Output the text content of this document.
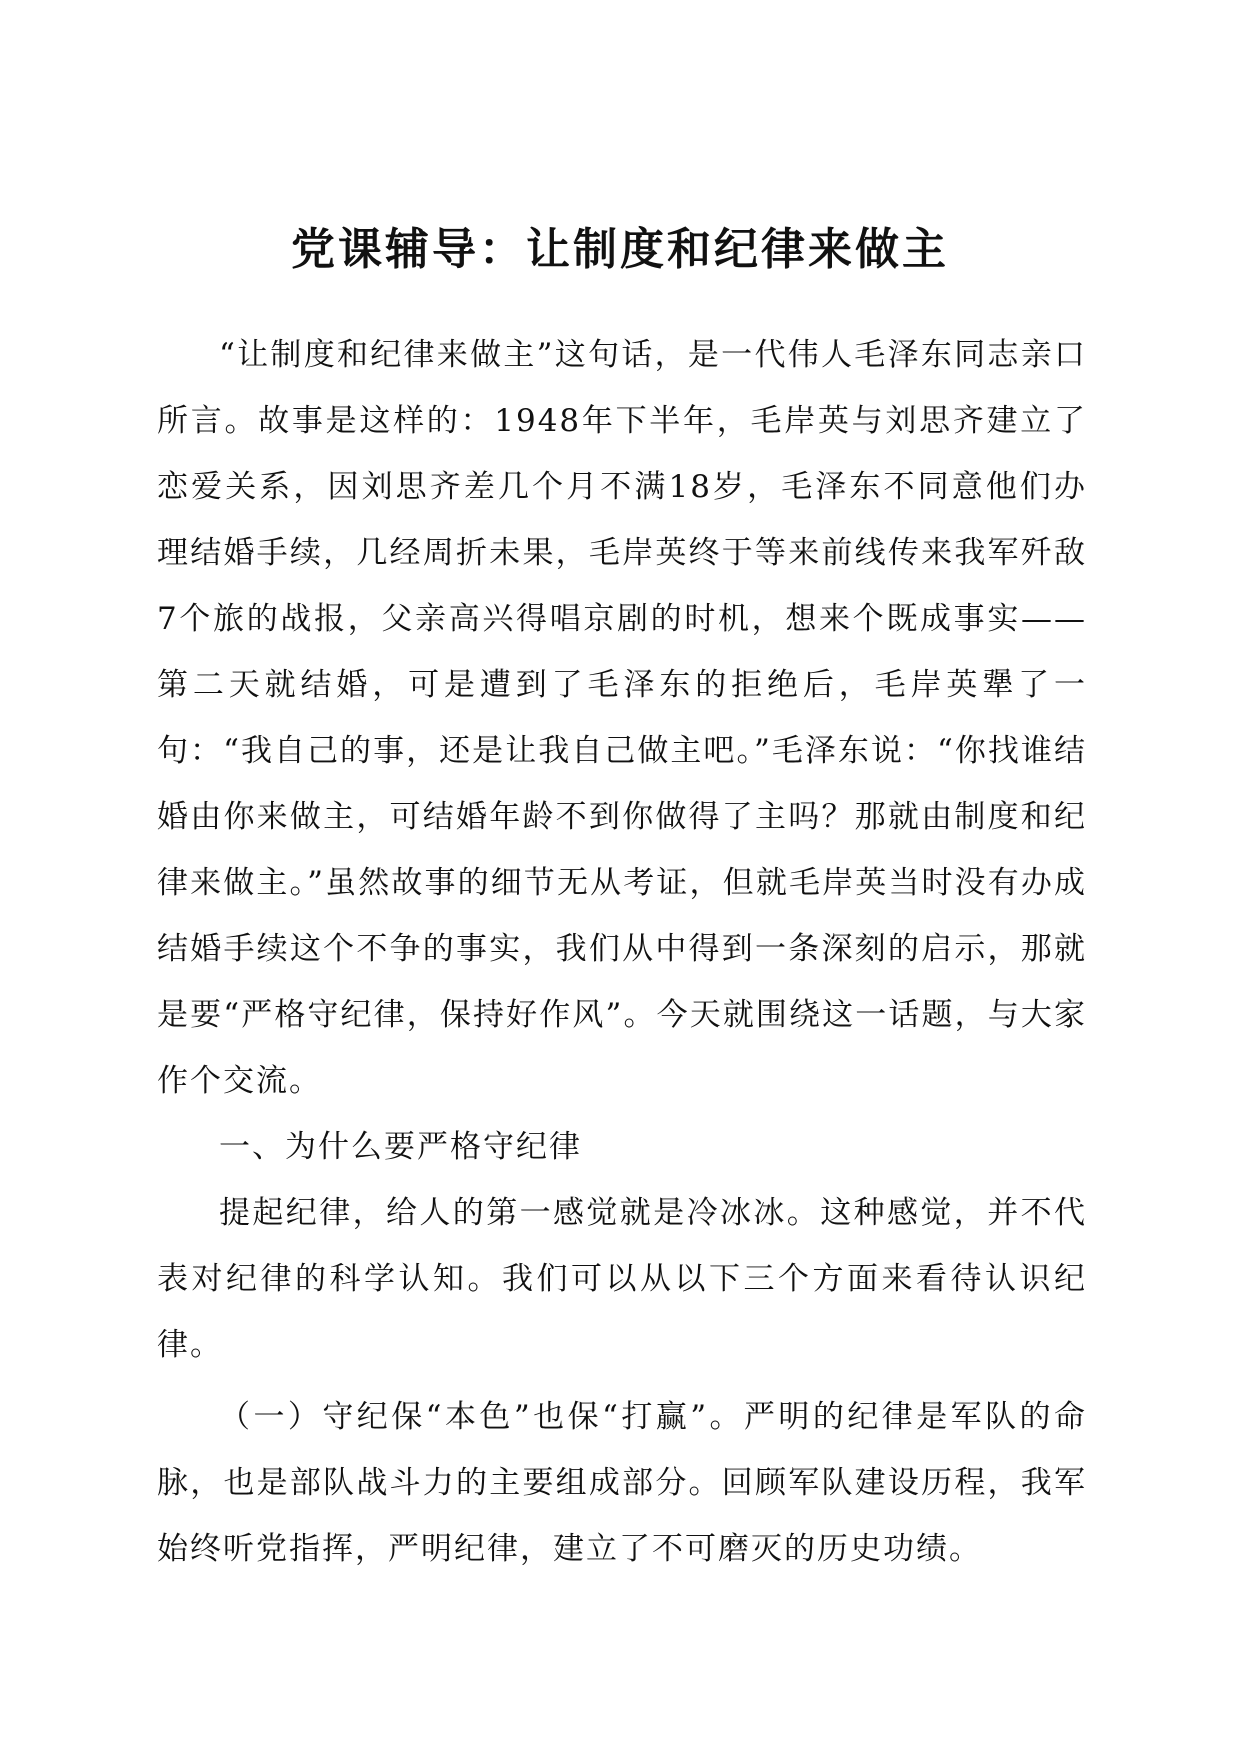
党课辅导：让制度和纪律来做主

“让制度和纪律来做主”这句话，是一代伟人毛泽东同志亲口所言。故事是这样的：1948年下半年，毛岸英与刘思齐建立了恋爱关系，因刘思齐差几个月不满18岁，毛泽东不同意他们办理结婚手续，几经周折未果，毛岸英终于等来前线传来我军歼敌7个旅的战报，父亲高兴得唱京剧的时机，想来个既成事实——第二天就结婚，可是遭到了毛泽东的拒绝后，毛岸英犟了一句：“我自己的事，还是让我自己做主吧。”毛泽东说：“你找谁结婚由你来做主，可结婚年龄不到你做得了主吗？那就由制度和纪律来做主。”虽然故事的细节无从考证，但就毛岸英当时没有办成结婚手续这个不争的事实，我们从中得到一条深刻的启示，那就是要“严格守纪律，保持好作风”。今天就围绕这一话题，与大家作个交流。

一、为什么要严格守纪律

提起纪律，给人的第一感觉就是冷冰冰。这种感觉，并不代表对纪律的科学认知。我们可以从以下三个方面来看待认识纪律。

（一）守纪保“本色”也保“打赢”。严明的纪律是军队的命脉，也是部队战斗力的主要组成部分。回顾军队建设历程，我军始终听党指挥，严明纪律，建立了不可磨灭的历史功绩。
